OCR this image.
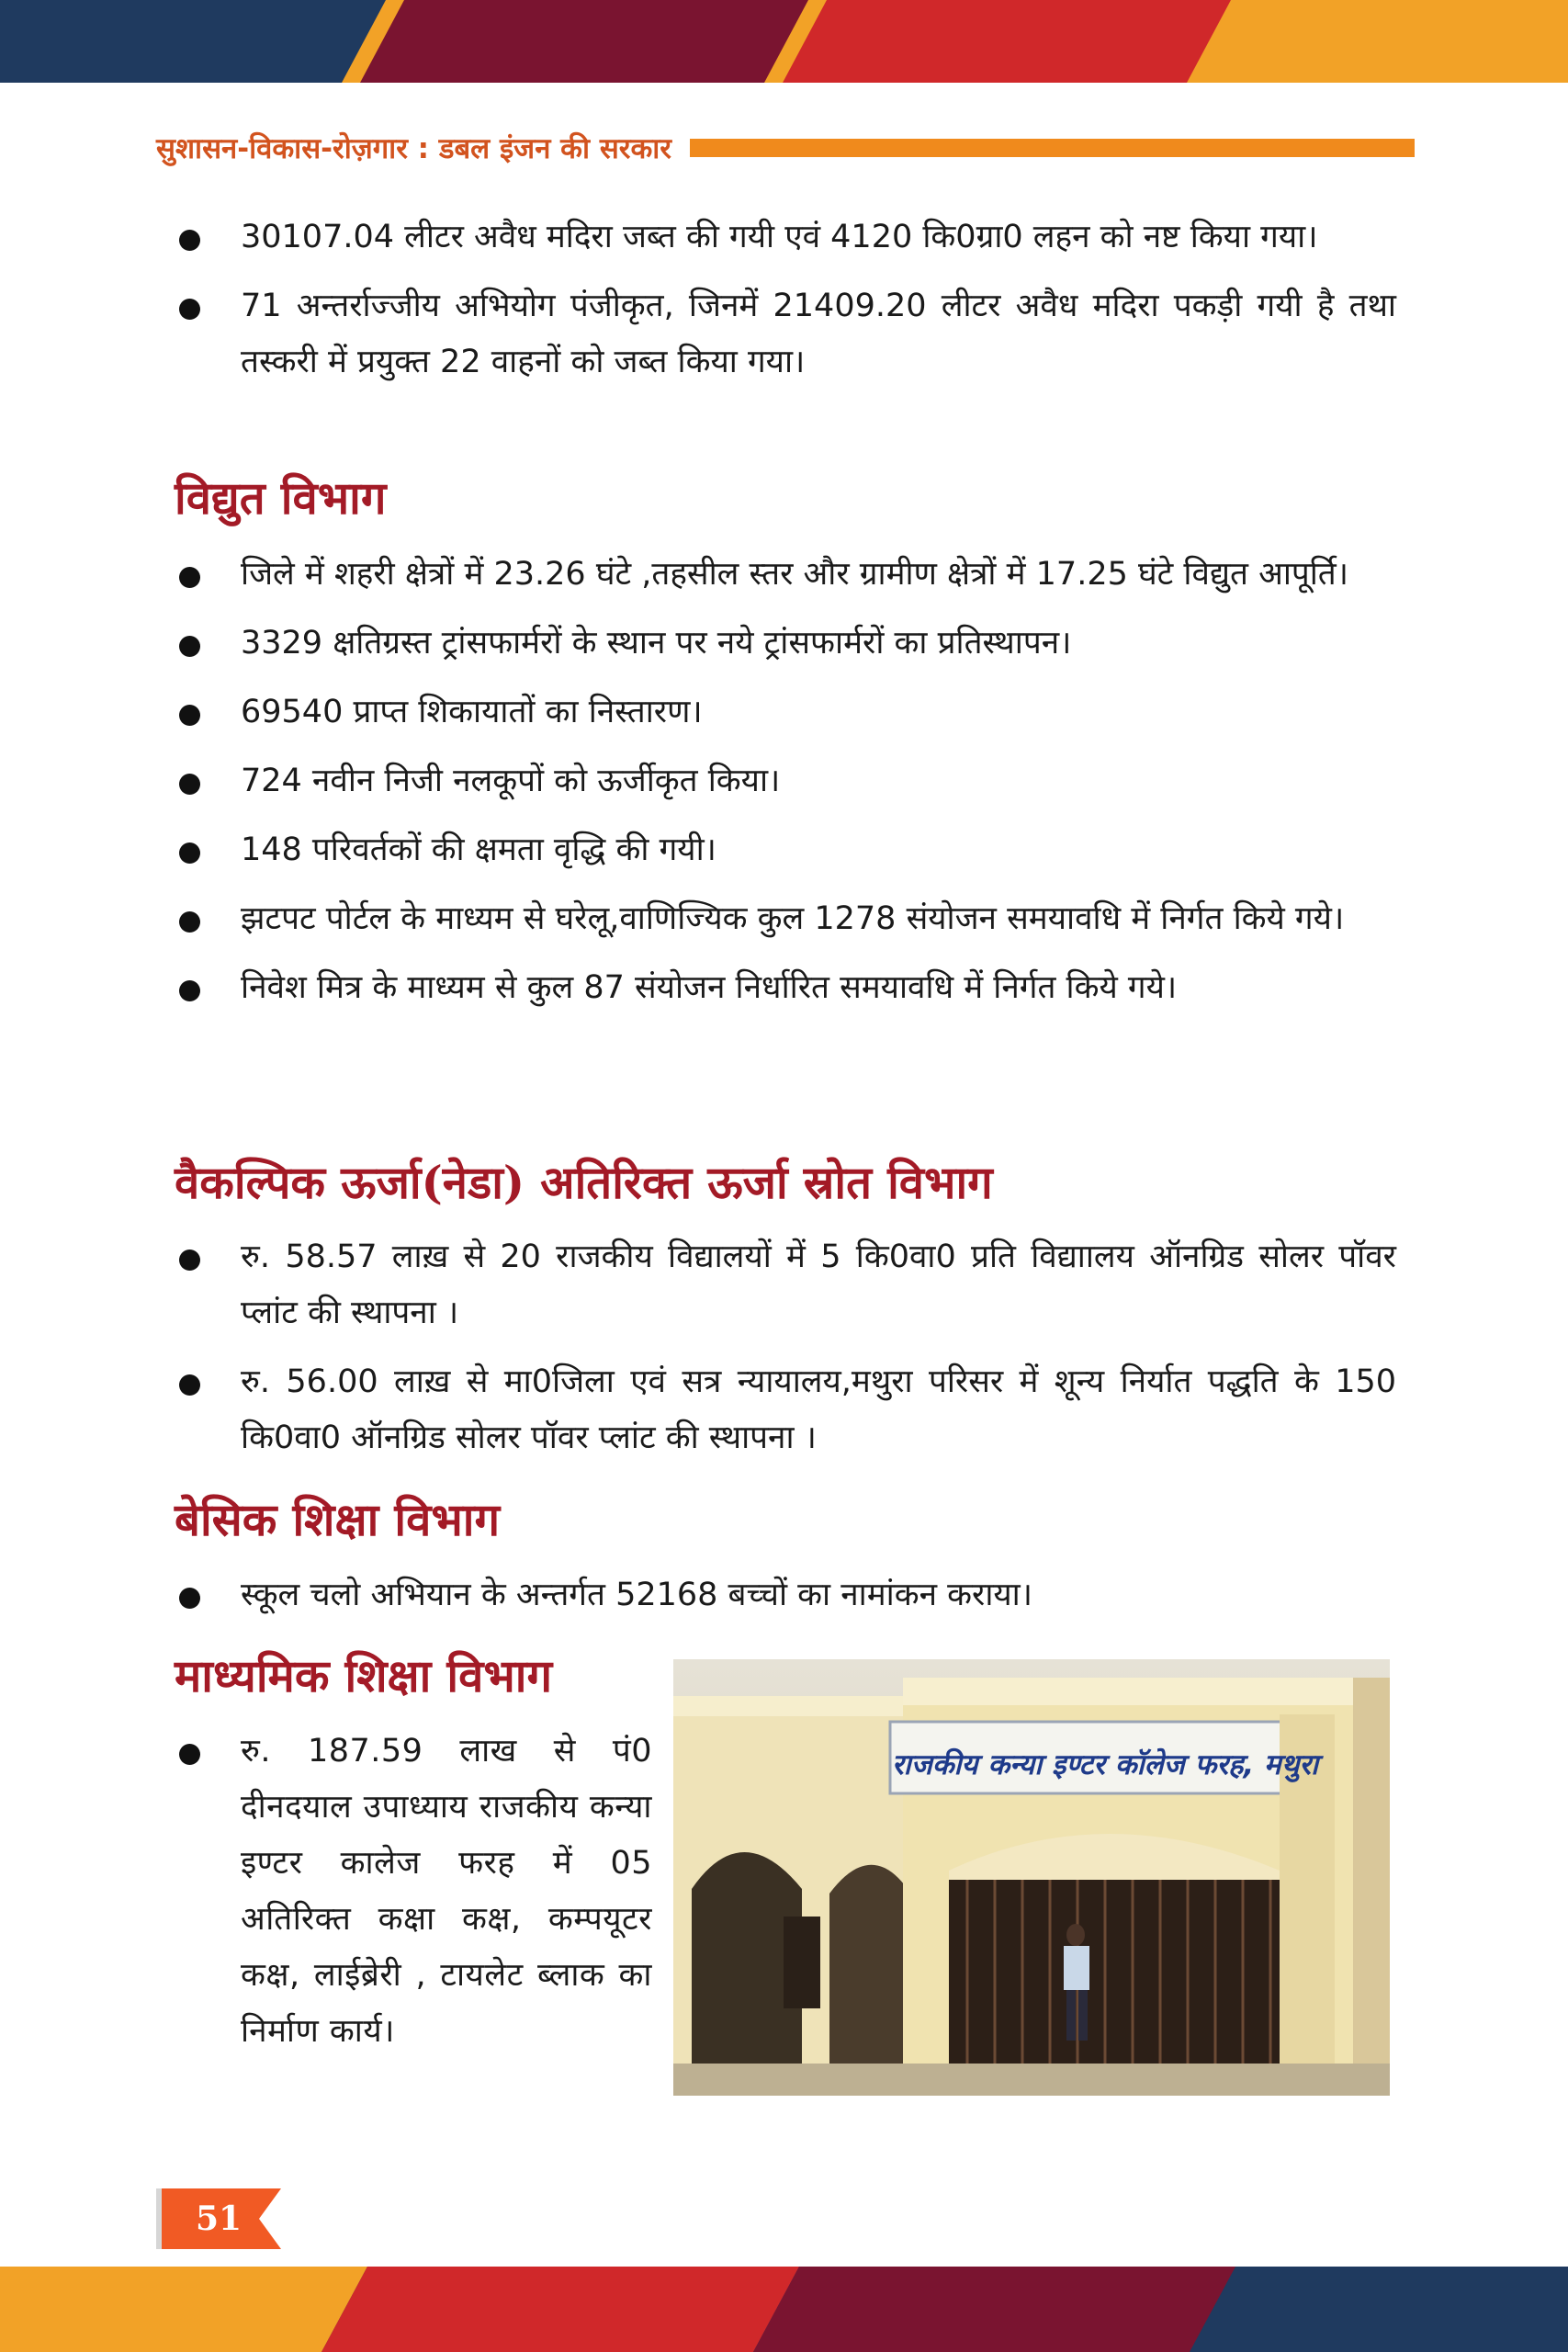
सुशासन-विकास-रोज़गार : डबल इंजन की सरकार
30107.04 लीटर अवैध मदिरा जब्त की गयी एवं 4120 कि0ग्रा0 लहन को नष्ट किया गया।
71 अन्तर्राज्जीय अभियोग पंजीकृत, जिनमें 21409.20 लीटर अवैध मदिरा पकड़ी गयी है तथा तस्करी में प्रयुक्त 22 वाहनों को जब्त किया गया।
विद्युत विभाग
जिले में शहरी क्षेत्रों में 23.26 घंटे ,तहसील स्तर और ग्रामीण क्षेत्रों में 17.25 घंटे विद्युत आपूर्ति।
3329 क्षतिग्रस्त ट्रांसफार्मरों के स्थान पर नये ट्रांसफार्मरों का प्रतिस्थापन।
69540 प्राप्त शिकायातों का निस्तारण।
724 नवीन निजी नलकूपों को ऊर्जीकृत किया।
148 परिवर्तकों की क्षमता वृद्धि की गयी।
झटपट पोर्टल के माध्यम से घरेलू,वाणिज्यिक कुल 1278 संयोजन समयावधि में निर्गत किये गये।
निवेश मित्र के माध्यम से कुल 87 संयोजन निर्धारित समयावधि में निर्गत किये गये।
वैकल्पिक ऊर्जा(नेडा) अतिरिक्त ऊर्जा स्रोत विभाग
रु. 58.57 लाख़ से 20 राजकीय विद्यालयों में 5 कि0वा0 प्रति विद्याालय ऑनग्रिड सोलर पॉवर प्लांट की स्थापना ।
रु. 56.00 लाख़ से मा0जिला एवं सत्र न्यायालय,मथुरा परिसर में शून्य निर्यात पद्धति के 150 कि0वा0 ऑनग्रिड सोलर पॉवर प्लांट की स्थापना ।
बेसिक शिक्षा विभाग
स्कूल चलो अभियान के अन्तर्गत 52168 बच्चों का नामांकन कराया।
माध्यमिक शिक्षा विभाग
रु. 187.59 लाख से पं0 दीनदयाल उपाध्याय राजकीय कन्या इण्टर कालेज फरह में 05 अतिरिक्त कक्षा कक्ष, कम्पयूटर कक्ष, लाईब्रेरी , टायलेट ब्लाक का निर्माण कार्य।
राजकीय कन्या इण्टर कॉलेज फरह, मथुरा
51
